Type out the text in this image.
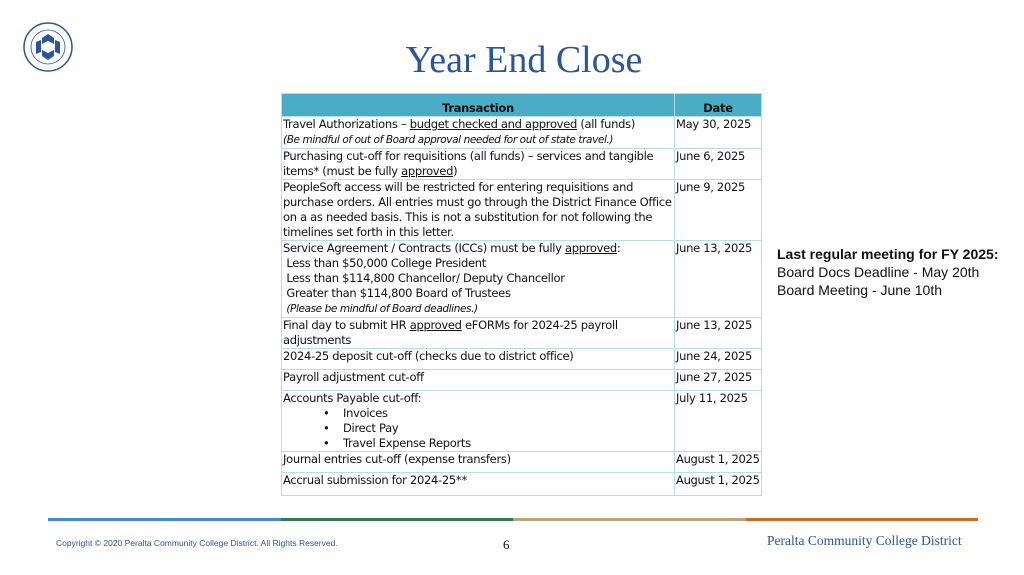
Year End Close
Transaction	Date
Travel Authorizations – budget checked and approved (all funds)
(Be mindful of out of Board approval needed for out of state travel.)	May 30, 2025
Purchasing cut-off for requisitions (all funds) – services and tangible items* (must be fully approved)	June 6, 2025
PeopleSoft access will be restricted for entering requisitions and purchase orders. All entries must go through the District Finance Office on a as needed basis. This is not a substitution for not following the timelines set forth in this letter.	June 9, 2025
Service Agreement / Contracts (ICCs) must be fully approved:
Less than $50,000 College President
Less than $114,800 Chancellor/ Deputy Chancellor
Greater than $114,800 Board of Trustees
(Please be mindful of Board deadlines.)	June 13, 2025
Final day to submit HR approved eFORMs for 2024-25 payroll adjustments	June 13, 2025
2024-25 deposit cut-off (checks due to district office)	June 24, 2025
Payroll adjustment cut-off	June 27, 2025
Accounts Payable cut-off:
• Invoices
• Direct Pay
• Travel Expense Reports	July 11, 2025
Journal entries cut-off (expense transfers)	August 1, 2025
Accrual submission for 2024-25**	August 1, 2025
Last regular meeting for FY 2025:
Board Docs Deadline - May 20th
Board Meeting - June 10th
Copyright © 2020 Peralta Community College District. All Rights Reserved.	6	Peralta Community College District
